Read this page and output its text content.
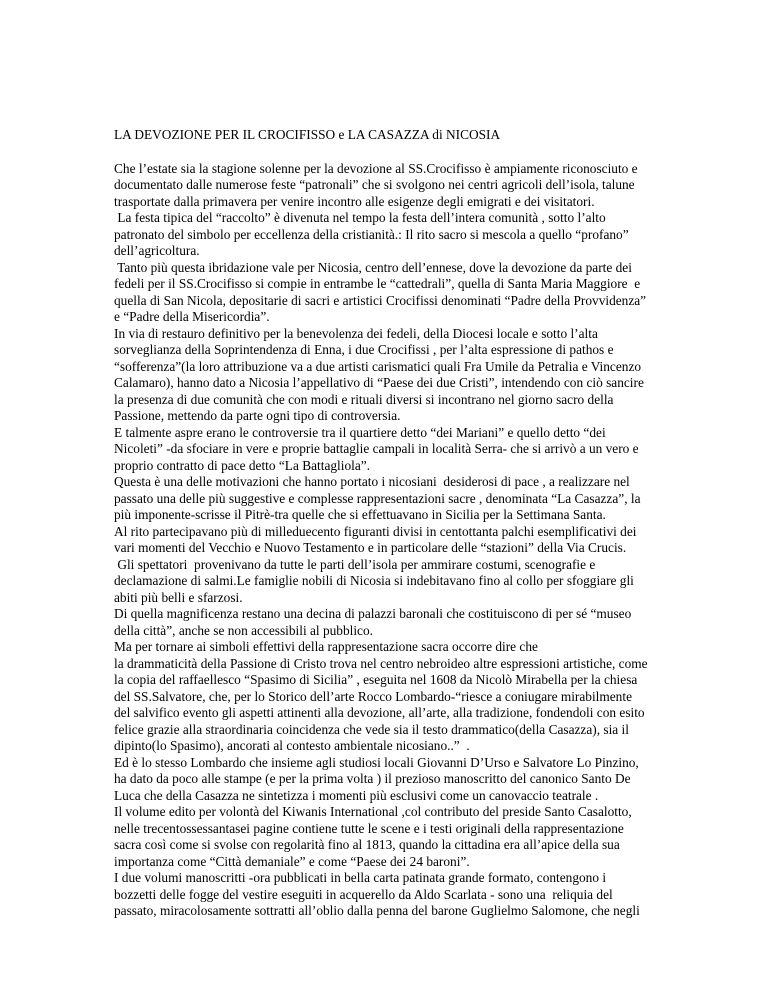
LA DEVOZIONE PER IL CROCIFISSO e LA CASAZZA di NICOSIA
Che l’estate sia la stagione solenne per la devozione al SS.Crocifisso è ampiamente riconosciuto e
documentato dalle numerose feste “patronali” che si svolgono nei centri agricoli dell’isola, talune
trasportate dalla primavera per venire incontro alle esigenze degli emigrati e dei visitatori.
La festa tipica del “raccolto” è divenuta nel tempo la festa dell’intera comunità , sotto l’alto
patronato del simbolo per eccellenza della cristianità.: Il rito sacro si mescola a quello “profano”
dell’agricoltura.
Tanto più questa ibridazione vale per Nicosia, centro dell’ennese, dove la devozione da parte dei
fedeli per il SS.Crocifisso si compie in entrambe le “cattedrali”, quella di Santa Maria Maggiore  e
quella di San Nicola, depositarie di sacri e artistici Crocifissi denominati “Padre della Provvidenza”
e “Padre della Misericordia”.
In via di restauro definitivo per la benevolenza dei fedeli, della Diocesi locale e sotto l’alta
sorveglianza della Soprintendenza di Enna, i due Crocifissi , per l’alta espressione di pathos e
“sofferenza”(la loro attribuzione va a due artisti carismatici quali Fra Umile da Petralia e Vincenzo
Calamaro), hanno dato a Nicosia l’appellativo di “Paese dei due Cristi”, intendendo con ciò sancire
la presenza di due comunità che con modi e rituali diversi si incontrano nel giorno sacro della
Passione, mettendo da parte ogni tipo di controversia.
E talmente aspre erano le controversie tra il quartiere detto “dei Mariani” e quello detto “dei
Nicoleti” -da sfociare in vere e proprie battaglie campali in località Serra- che si arrivò a un vero e
proprio contratto di pace detto “La Battagliola”.
Questa è una delle motivazioni che hanno portato i nicosiani  desiderosi di pace , a realizzare nel
passato una delle più suggestive e complesse rappresentazioni sacre , denominata “La Casazza”, la
più imponente-scrisse il Pitrè-tra quelle che si effettuavano in Sicilia per la Settimana Santa.
Al rito partecipavano più di milleduecento figuranti divisi in centottanta palchi esemplificativi dei
vari momenti del Vecchio e Nuovo Testamento e in particolare delle “stazioni” della Via Crucis.
Gli spettatori  provenivano da tutte le parti dell’isola per ammirare costumi, scenografie e
declamazione di salmi.Le famiglie nobili di Nicosia si indebitavano fino al collo per sfoggiare gli
abiti più belli e sfarzosi.
Di quella magnificenza restano una decina di palazzi baronali che costituiscono di per sé “museo
della città”, anche se non accessibili al pubblico.
Ma per tornare ai simboli effettivi della rappresentazione sacra occorre dire che
la drammaticità della Passione di Cristo trova nel centro nebroideo altre espressioni artistiche, come
la copia del raffaellesco “Spasimo di Sicilia” , eseguita nel 1608 da Nicolò Mirabella per la chiesa
del SS.Salvatore, che, per lo Storico dell’arte Rocco Lombardo-“riesce a coniugare mirabilmente
del salvifico evento gli aspetti attinenti alla devozione, all’arte, alla tradizione, fondendoli con esito
felice grazie alla straordinaria coincidenza che vede sia il testo drammatico(della Casazza), sia il
dipinto(lo Spasimo), ancorati al contesto ambientale nicosiano..”  .
Ed è lo stesso Lombardo che insieme agli studiosi locali Giovanni D’Urso e Salvatore Lo Pinzino,
ha dato da poco alle stampe (e per la prima volta ) il prezioso manoscritto del canonico Santo De
Luca che della Casazza ne sintetizza i momenti più esclusivi come un canovaccio teatrale .
Il volume edito per volontà del Kiwanis International ,col contributo del preside Santo Casalotto,
nelle trecentossessantasei pagine contiene tutte le scene e i testi originali della rappresentazione
sacra così come si svolse con regolarità fino al 1813, quando la cittadina era all’apice della sua
importanza come “Città demaniale” e come “Paese dei 24 baroni”.
I due volumi manoscritti -ora pubblicati in bella carta patinata grande formato, contengono i
bozzetti delle fogge del vestire eseguiti in acquerello da Aldo Scarlata - sono una  reliquia del
passato, miracolosamente sottratti all’oblio dalla penna del barone Guglielmo Salomone, che negli
